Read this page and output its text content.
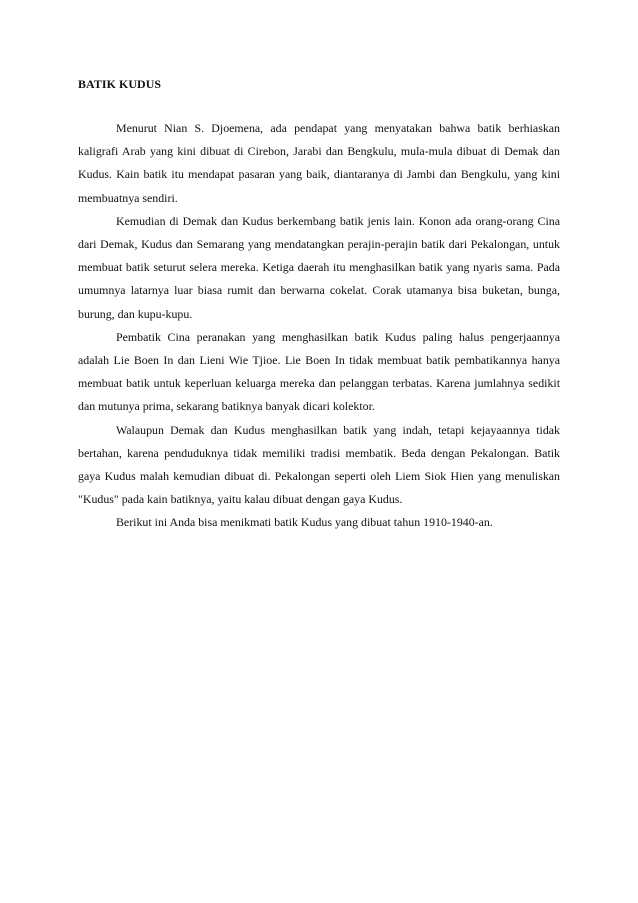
BATIK KUDUS

Menurut Nian S. Djoemena, ada pendapat yang menyatakan bahwa batik berhiaskan kaligrafi Arab yang kini dibuat di Cirebon, Jarabi dan Bengkulu, mula-mula dibuat di Demak dan Kudus. Kain batik itu mendapat pasaran yang baik, diantaranya di Jambi dan Bengkulu, yang kini membuatnya sendiri.

Kemudian di Demak dan Kudus berkembang batik jenis lain. Konon ada orang-orang Cina dari Demak, Kudus dan Semarang yang mendatangkan perajin-perajin batik dari Pekalongan, untuk membuat batik seturut selera mereka. Ketiga daerah itu menghasilkan batik yang nyaris sama. Pada umumnya latarnya luar biasa rumit dan berwarna cokelat. Corak utamanya bisa buketan, bunga, burung, dan kupu-kupu.

Pembatik Cina peranakan yang menghasilkan batik Kudus paling halus pengerjaannya adalah Lie Boen In dan Lieni Wie Tjioe. Lie Boen In tidak membuat batik pembatikannya hanya membuat batik untuk keperluan keluarga mereka dan pelanggan terbatas. Karena jumlahnya sedikit dan mutunya prima, sekarang batiknya banyak dicari kolektor.

Walaupun Demak dan Kudus menghasilkan batik yang indah, tetapi kejayaannya tidak bertahan, karena penduduknya tidak memiliki tradisi membatik. Beda dengan Pekalongan. Batik gaya Kudus malah kemudian dibuat di. Pekalongan seperti oleh Liem Siok Hien yang menuliskan "Kudus" pada kain batiknya, yaitu kalau dibuat dengan gaya Kudus.

Berikut ini Anda bisa menikmati batik Kudus yang dibuat tahun 1910-1940-an.
